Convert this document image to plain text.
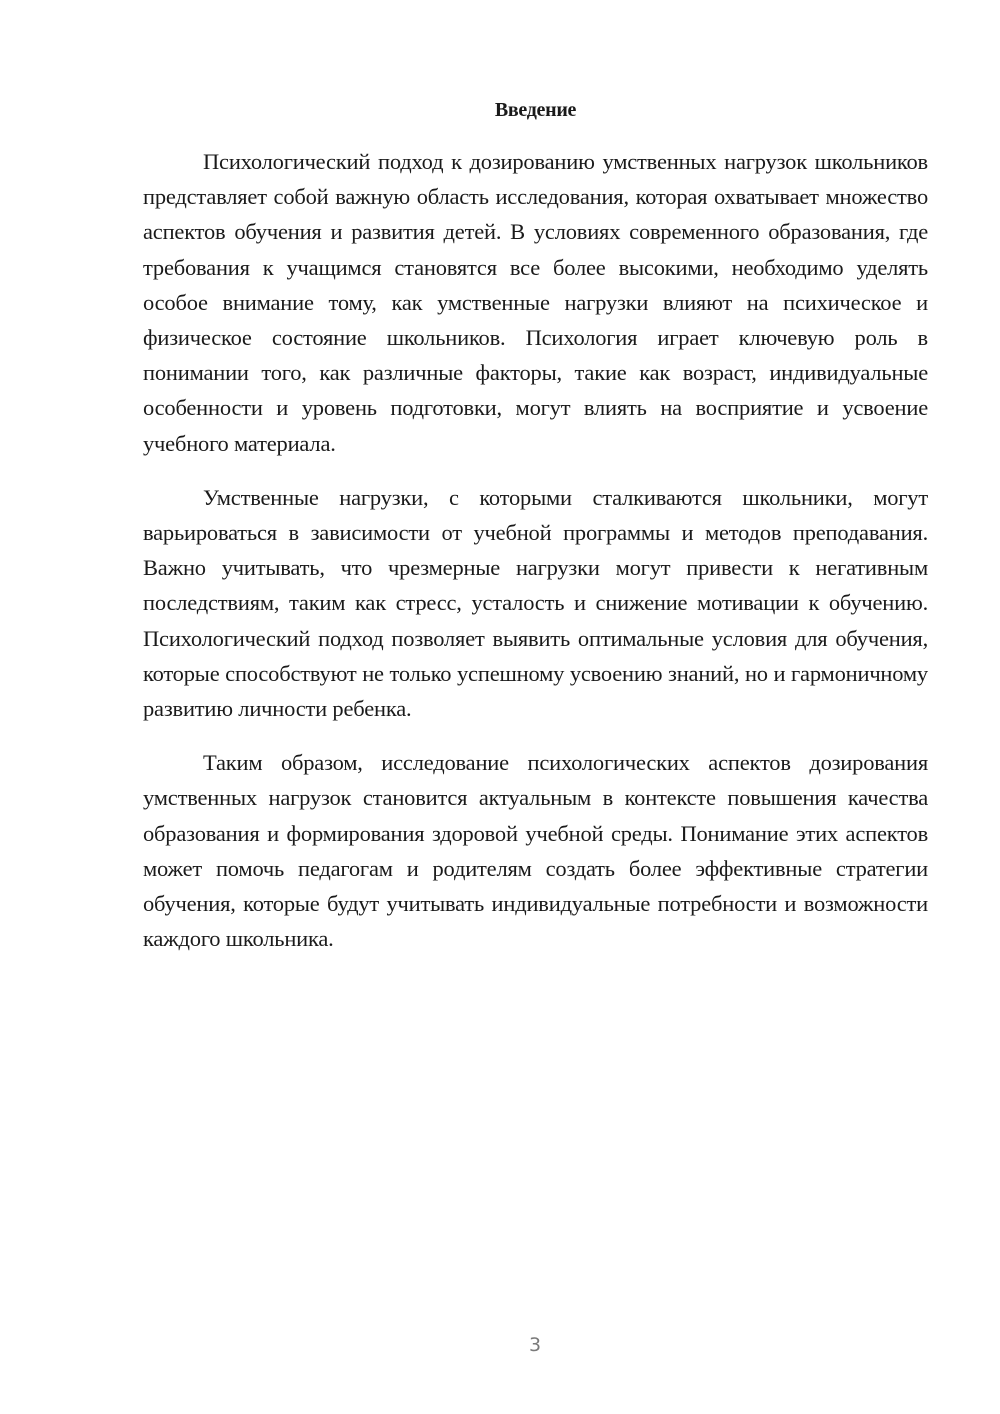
Введение

Психологический подход к дозированию умственных нагрузок школьников представляет собой важную область исследования, которая охватывает множество аспектов обучения и развития детей. В условиях современного образования, где требования к учащимся становятся все более высокими, необходимо уделять особое внимание тому, как умственные нагрузки влияют на психическое и физическое состояние школьников. Психология играет ключевую роль в понимании того, как различные факторы, такие как возраст, индивидуальные особенности и уровень подготовки, могут влиять на восприятие и усвоение учебного материала.

Умственные нагрузки, с которыми сталкиваются школьники, могут варьироваться в зависимости от учебной программы и методов преподавания. Важно учитывать, что чрезмерные нагрузки могут привести к негативным последствиям, таким как стресс, усталость и снижение мотивации к обучению. Психологический подход позволяет выявить оптимальные условия для обучения, которые способствуют не только успешному усвоению знаний, но и гармоничному развитию личности ребенка.

Таким образом, исследование психологических аспектов дозирования умственных нагрузок становится актуальным в контексте повышения качества образования и формирования здоровой учебной среды. Понимание этих аспектов может помочь педагогам и родителям создать более эффективные стратегии обучения, которые будут учитывать индивидуальные потребности и возможности каждого школьника.

3
